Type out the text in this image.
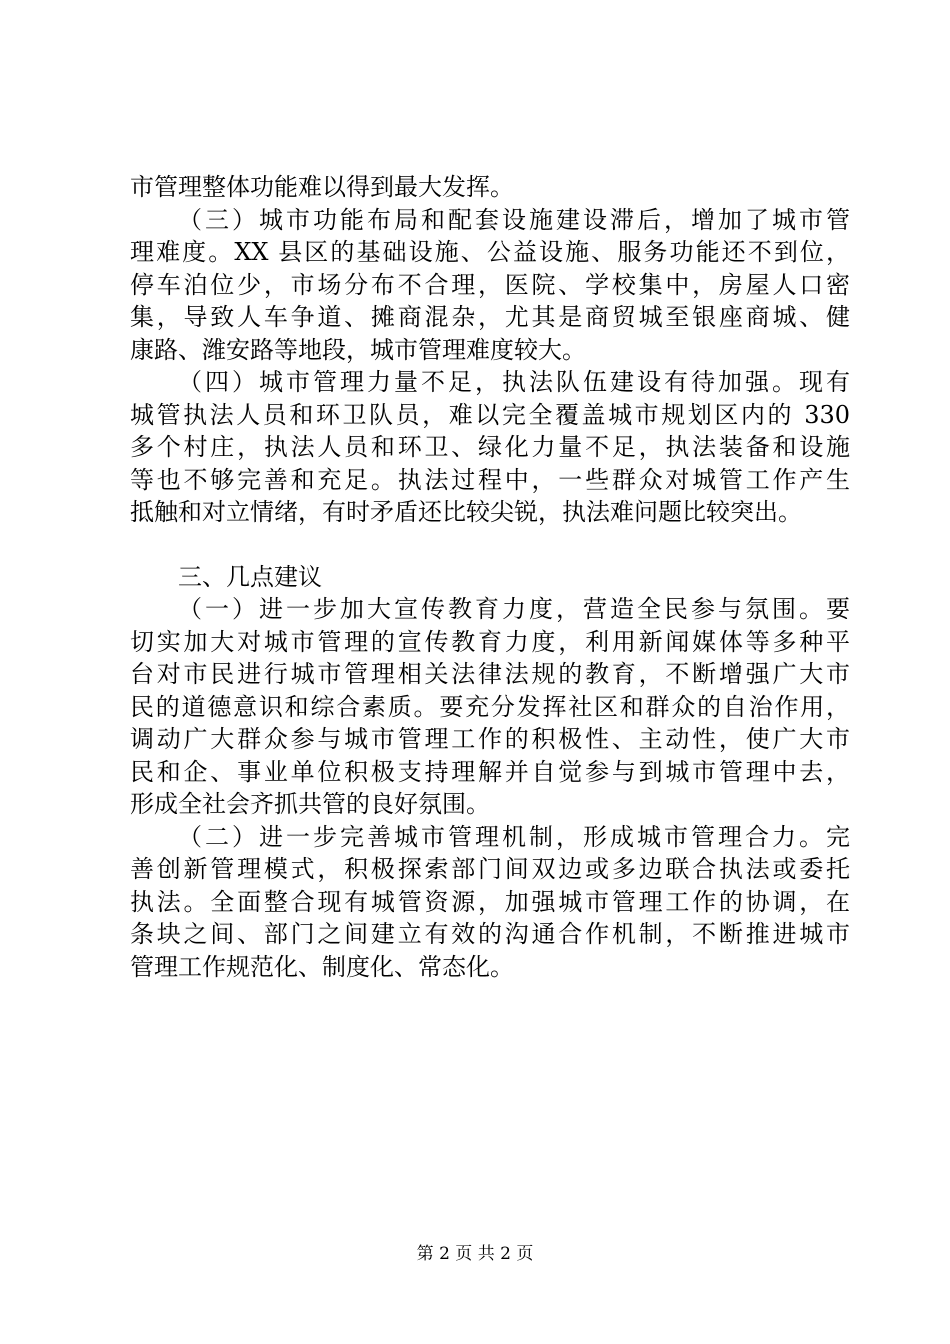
市管理整体功能难以得到最大发挥。
（三）城市功能布局和配套设施建设滞后，增加了城市管
理难度。XX 县区的基础设施、公益设施、服务功能还不到位，
停车泊位少，市场分布不合理，医院、学校集中，房屋人口密
集，导致人车争道、摊商混杂，尤其是商贸城至银座商城、健
康路、潍安路等地段，城市管理难度较大。
（四）城市管理力量不足，执法队伍建设有待加强。现有
城管执法人员和环卫队员，难以完全覆盖城市规划区内的 330
多个村庄，执法人员和环卫、绿化力量不足，执法装备和设施
等也不够完善和充足。执法过程中，一些群众对城管工作产生
抵触和对立情绪，有时矛盾还比较尖锐，执法难问题比较突出。
三、几点建议
（一）进一步加大宣传教育力度，营造全民参与氛围。要
切实加大对城市管理的宣传教育力度，利用新闻媒体等多种平
台对市民进行城市管理相关法律法规的教育，不断增强广大市
民的道德意识和综合素质。要充分发挥社区和群众的自治作用，
调动广大群众参与城市管理工作的积极性、主动性，使广大市
民和企、事业单位积极支持理解并自觉参与到城市管理中去，
形成全社会齐抓共管的良好氛围。
（二）进一步完善城市管理机制，形成城市管理合力。完
善创新管理模式，积极探索部门间双边或多边联合执法或委托
执法。全面整合现有城管资源，加强城市管理工作的协调，在
条块之间、部门之间建立有效的沟通合作机制，不断推进城市
管理工作规范化、制度化、常态化。
第 2 页 共 2 页
